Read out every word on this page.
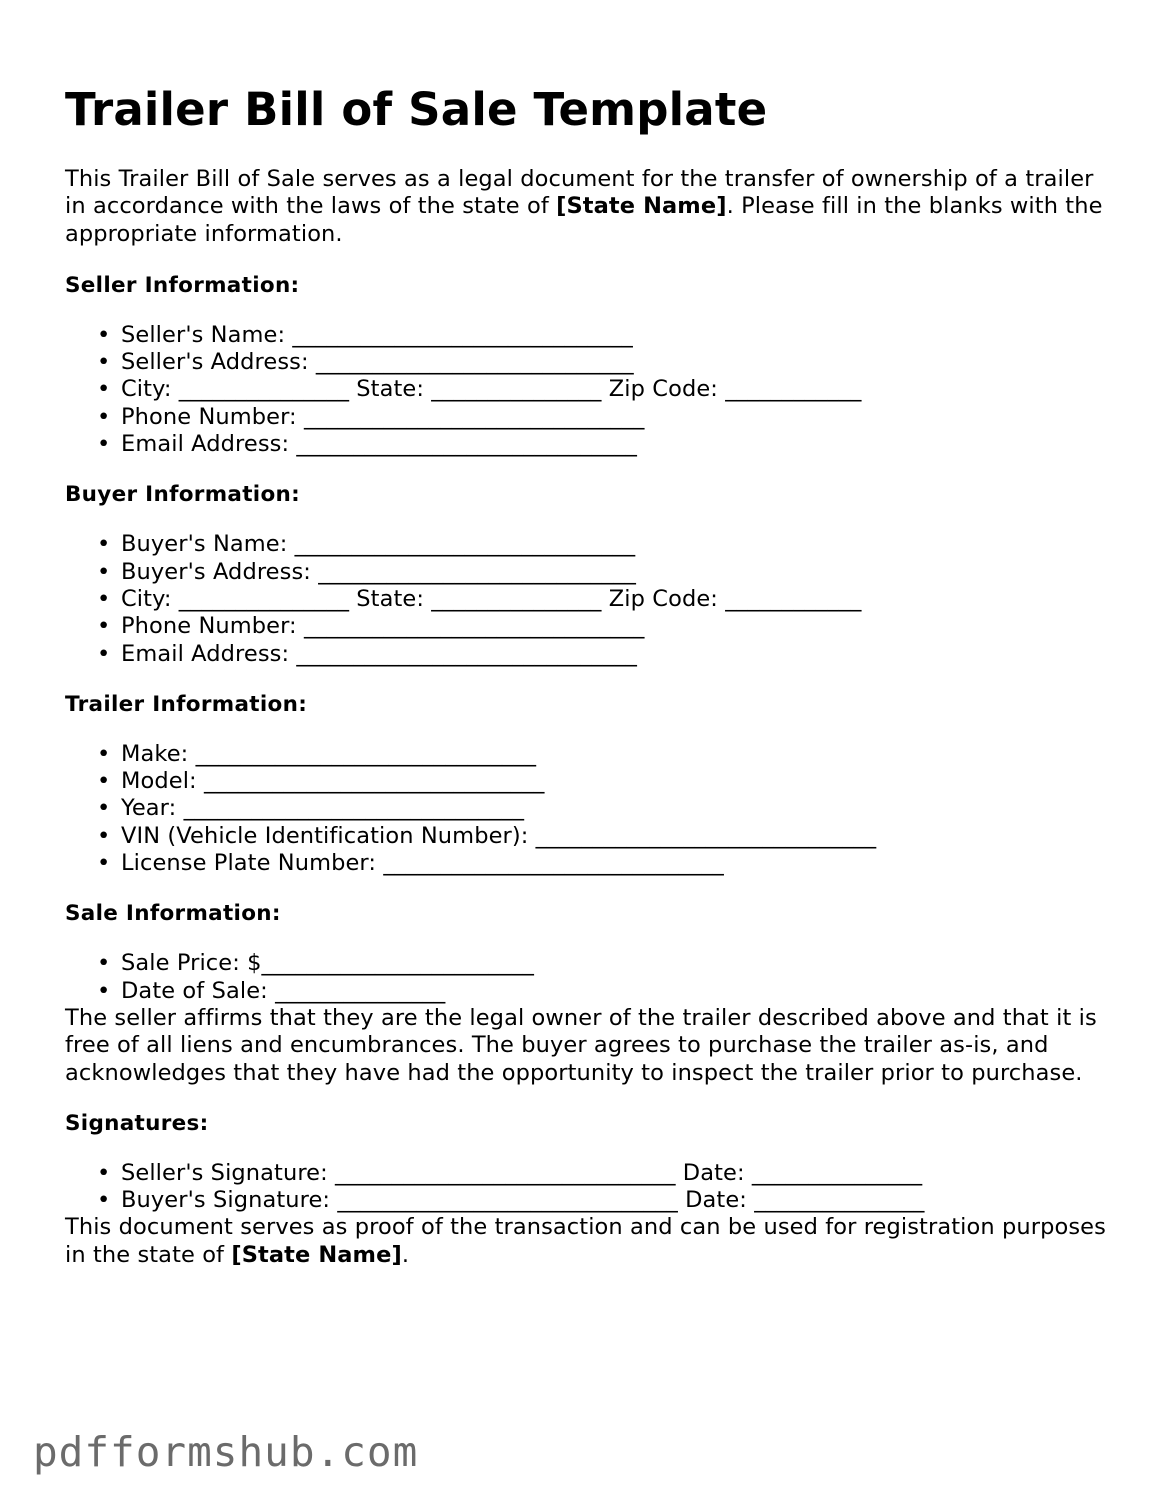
Trailer Bill of Sale Template

This Trailer Bill of Sale serves as a legal document for the transfer of ownership of a trailer in accordance with the laws of the state of [State Name]. Please fill in the blanks with the appropriate information.

Seller Information:
• Seller's Name: ______________________________
• Seller's Address: ____________________________
• City: _______________ State: _______________ Zip Code: ____________
• Phone Number: ______________________________
• Email Address: ______________________________
Buyer Information:
• Buyer's Name: ______________________________
• Buyer's Address: ____________________________
• City: _______________ State: _______________ Zip Code: ____________
• Phone Number: ______________________________
• Email Address: ______________________________
Trailer Information:
• Make: ______________________________
• Model: ______________________________
• Year: ______________________________
• VIN (Vehicle Identification Number): ______________________________
• License Plate Number: ______________________________
Sale Information:
• Sale Price: $________________________
• Date of Sale: _______________

The seller affirms that they are the legal owner of the trailer described above and that it is free of all liens and encumbrances. The buyer agrees to purchase the trailer as-is, and acknowledges that they have had the opportunity to inspect the trailer prior to purchase.

Signatures:
• Seller's Signature: ______________________________ Date: _______________
• Buyer's Signature: ______________________________ Date: _______________

This document serves as proof of the transaction and can be used for registration purposes in the state of [State Name].

pdfformshub.com
